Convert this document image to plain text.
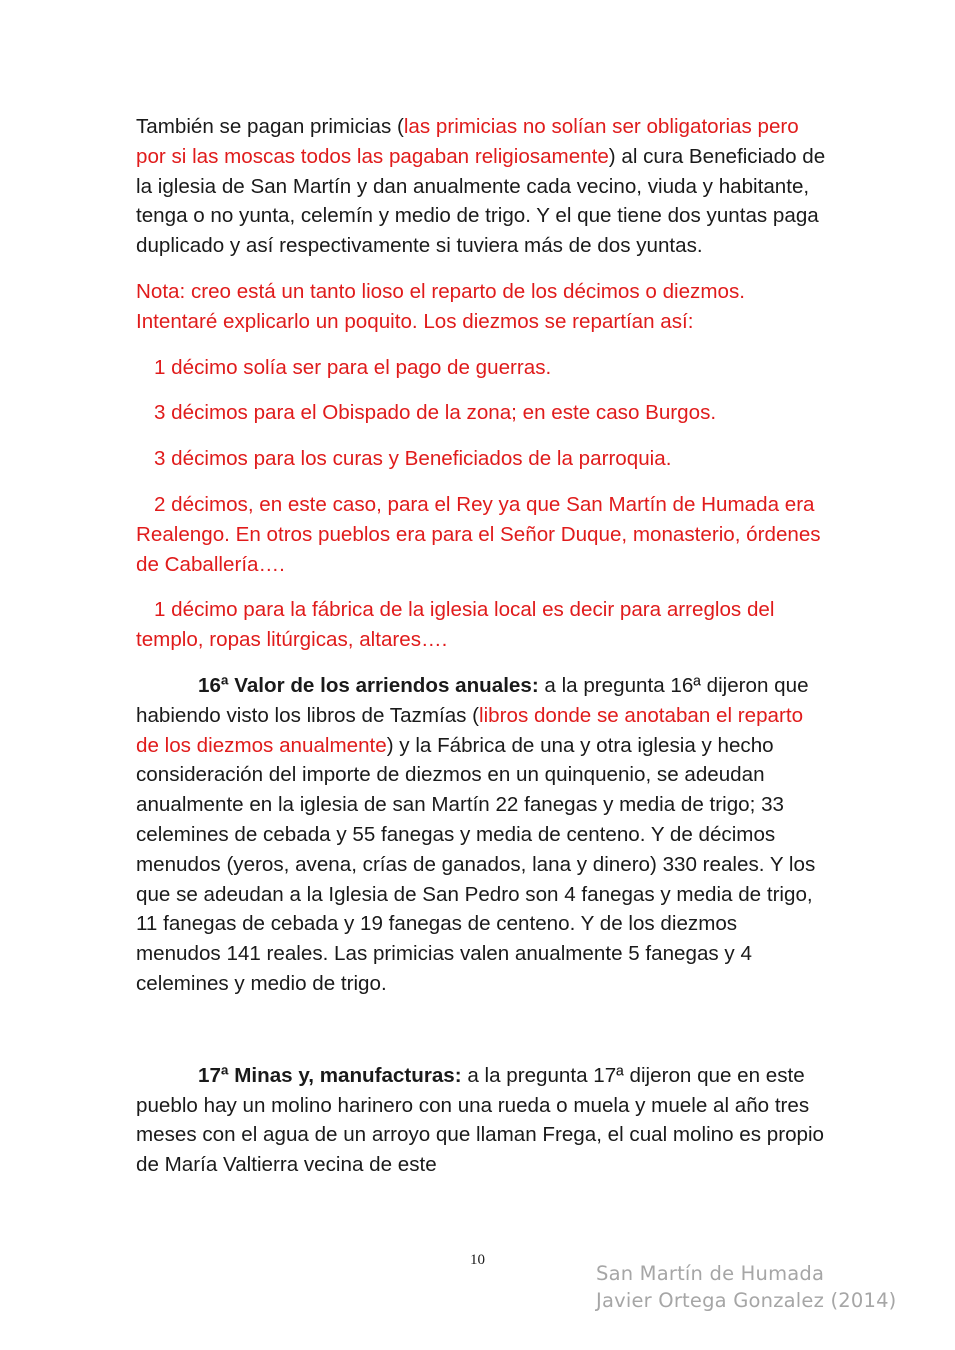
También se pagan primicias (las primicias no solían ser obligatorias pero por si las moscas todos las pagaban religiosamente) al cura Beneficiado de la iglesia de San Martín y dan anualmente cada vecino, viuda y habitante, tenga o no yunta, celemín y medio de trigo. Y el que tiene dos yuntas paga duplicado y así respectivamente si tuviera más de dos yuntas.

Nota: creo está un tanto lioso el reparto de los décimos o diezmos. Intentaré explicarlo un poquito. Los diezmos se repartían así:

1 décimo solía ser para el pago de guerras.

3 décimos para el Obispado de la zona; en este caso Burgos.

3 décimos para los curas y Beneficiados de la parroquia.

2 décimos, en este caso, para el Rey ya que San Martín de Humada era Realengo. En otros pueblos era para el Señor Duque, monasterio, órdenes de Caballería….

1 décimo para la fábrica de la iglesia local es decir para arreglos del templo, ropas litúrgicas, altares….

16ª Valor de los arriendos anuales: a la pregunta 16ª dijeron que habiendo visto los libros de Tazmías (libros donde se anotaban el reparto de los diezmos anualmente) y la Fábrica de una y otra iglesia y hecho consideración del importe de diezmos en un quinquenio, se adeudan anualmente en la iglesia de san Martín 22 fanegas y media de trigo; 33 celemines de cebada y 55 fanegas y media de centeno. Y de décimos menudos (yeros, avena, crías de ganados, lana y dinero) 330 reales. Y los que se adeudan a la Iglesia de San Pedro son 4 fanegas y media de trigo, 11 fanegas de cebada y 19 fanegas de centeno. Y de los diezmos menudos 141 reales. Las primicias valen anualmente 5 fanegas y 4 celemines y medio de trigo.

17ª Minas y, manufacturas: a la pregunta 17ª dijeron que en este pueblo hay un molino harinero con una rueda o muela y muele al año tres meses con el agua de un arroyo que llaman Frega, el cual molino es propio de María Valtierra vecina de este

10
San Martín de Humada
Javier Ortega Gonzalez (2014)
